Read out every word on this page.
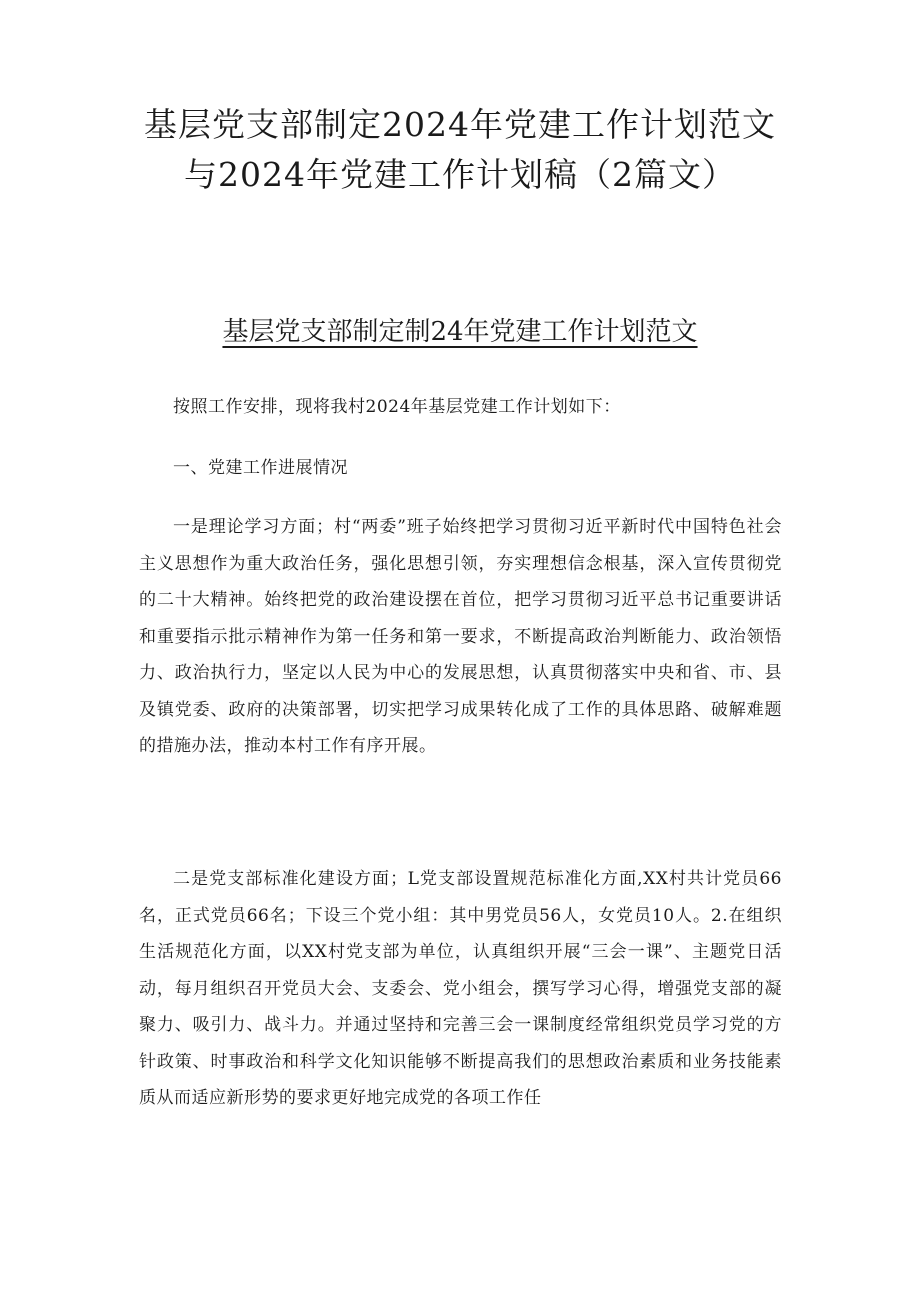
基层党支部制定2024年党建工作计划范文
与2024年党建工作计划稿（2篇文）
基层党支部制定制24年党建工作计划范文

按照工作安排，现将我村2024年基层党建工作计划如下：

一、党建工作进展情况

一是理论学习方面；村“两委”班子始终把学习贯彻习近平新时代中国特色社会主义思想作为重大政治任务，强化思想引领，夯实理想信念根基，深入宣传贯彻党的二十大精神。始终把党的政治建设摆在首位，把学习贯彻习近平总书记重要讲话和重要指示批示精神作为第一任务和第一要求，不断提高政治判断能力、政治领悟力、政治执行力，坚定以人民为中心的发展思想，认真贯彻落实中央和省、市、县及镇党委、政府的决策部署，切实把学习成果转化成了工作的具体思路、破解难题的措施办法，推动本村工作有序开展。

二是党支部标准化建设方面；L党支部设置规范标准化方面,XX村共计党员66名，正式党员66名；下设三个党小组：其中男党员56人，女党员10人。2.在组织生活规范化方面，以XX村党支部为单位，认真组织开展“三会一课”、主题党日活动，每月组织召开党员大会、支委会、党小组会，撰写学习心得，增强党支部的凝聚力、吸引力、战斗力。并通过坚持和完善三会一课制度经常组织党员学习党的方针政策、时事政治和科学文化知识能够不断提高我们的思想政治素质和业务技能素质从而适应新形势的要求更好地完成党的各项工作任
